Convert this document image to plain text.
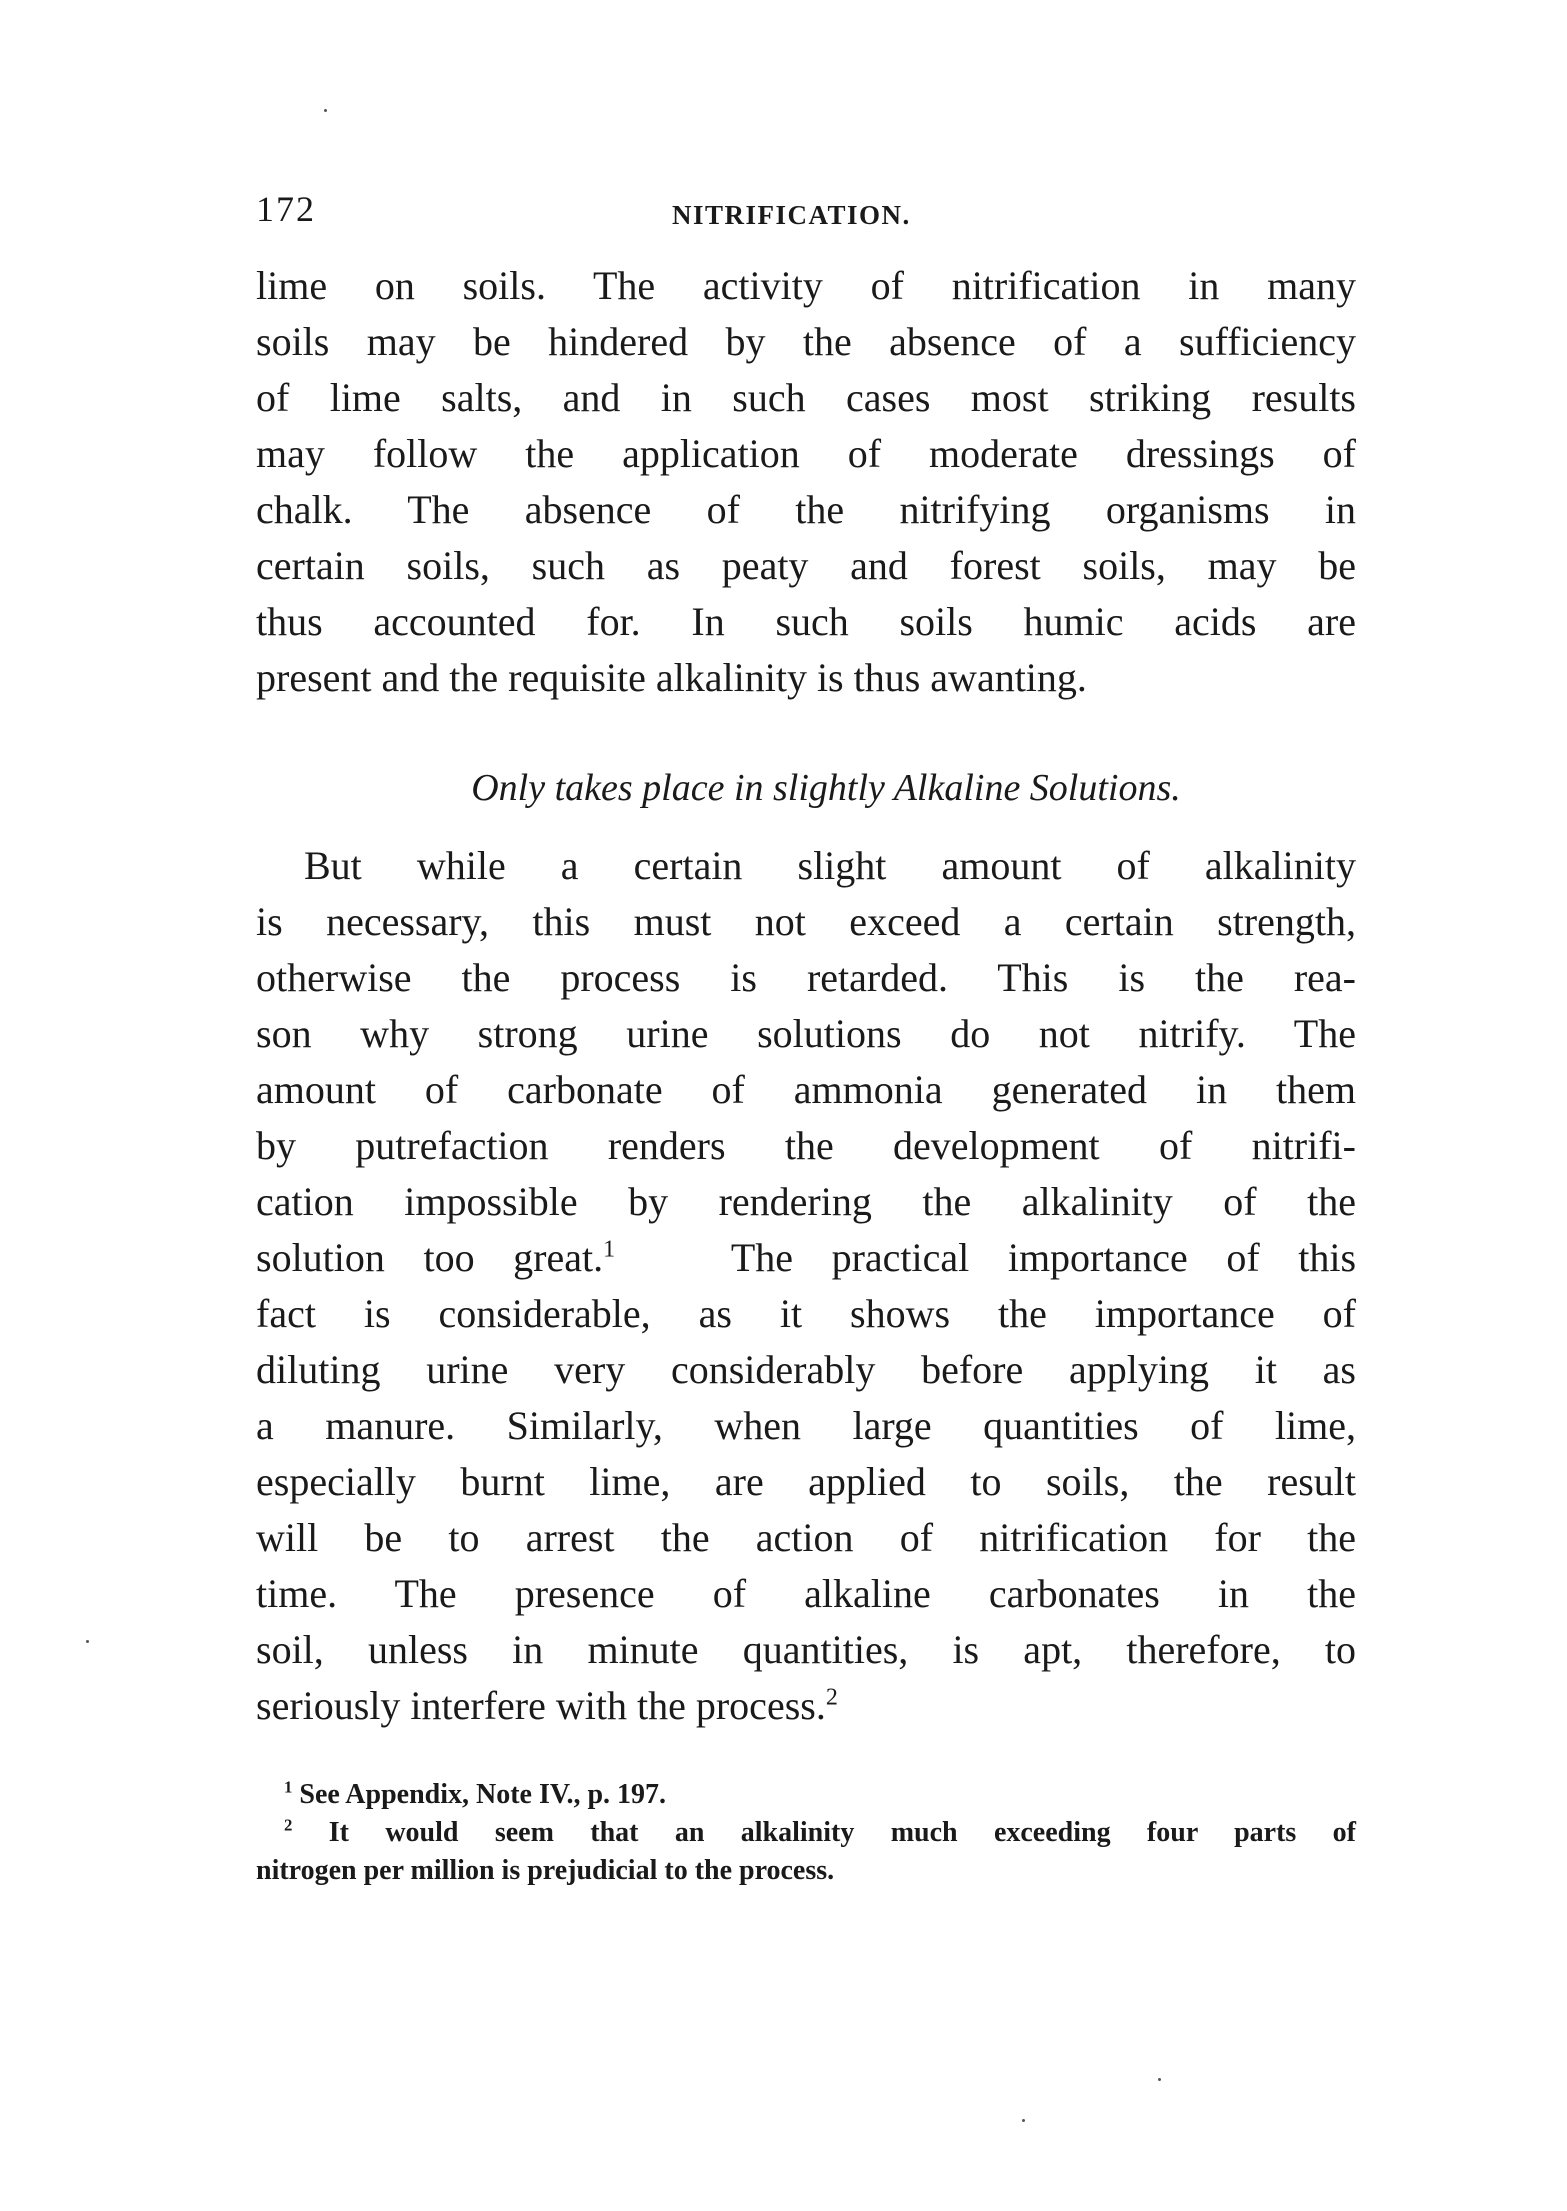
172	NITRIFICATION.

lime on soils. The activity of nitrification in many
soils may be hindered by the absence of a sufficiency
of lime salts, and in such cases most striking results
may follow the application of moderate dressings of
chalk. The absence of the nitrifying organisms in
certain soils, such as peaty and forest soils, may be
thus accounted for. In such soils humic acids are
present and the requisite alkalinity is thus awanting.

Only takes place in slightly Alkaline Solutions.

But while a certain slight amount of alkalinity
is necessary, this must not exceed a certain strength,
otherwise the process is retarded. This is the rea-
son why strong urine solutions do not nitrify. The
amount of carbonate of ammonia generated in them
by putrefaction renders the development of nitrifi-
cation impossible by rendering the alkalinity of the
solution too great.$^1$	The practical importance of this
fact is considerable, as it shows the importance of
diluting urine very considerably before applying it as
a manure. Similarly, when large quantities of lime,
especially burnt lime, are applied to soils, the result
will be to arrest the action of nitrification for the
time. The presence of alkaline carbonates in the
soil, unless in minute quantities, is apt, therefore, to
seriously interfere with the process.$^2$

$^1$ See Appendix, Note IV., p. 197.
$^2$ It would seem that an alkalinity much exceeding four parts of
nitrogen per million is prejudicial to the process.
